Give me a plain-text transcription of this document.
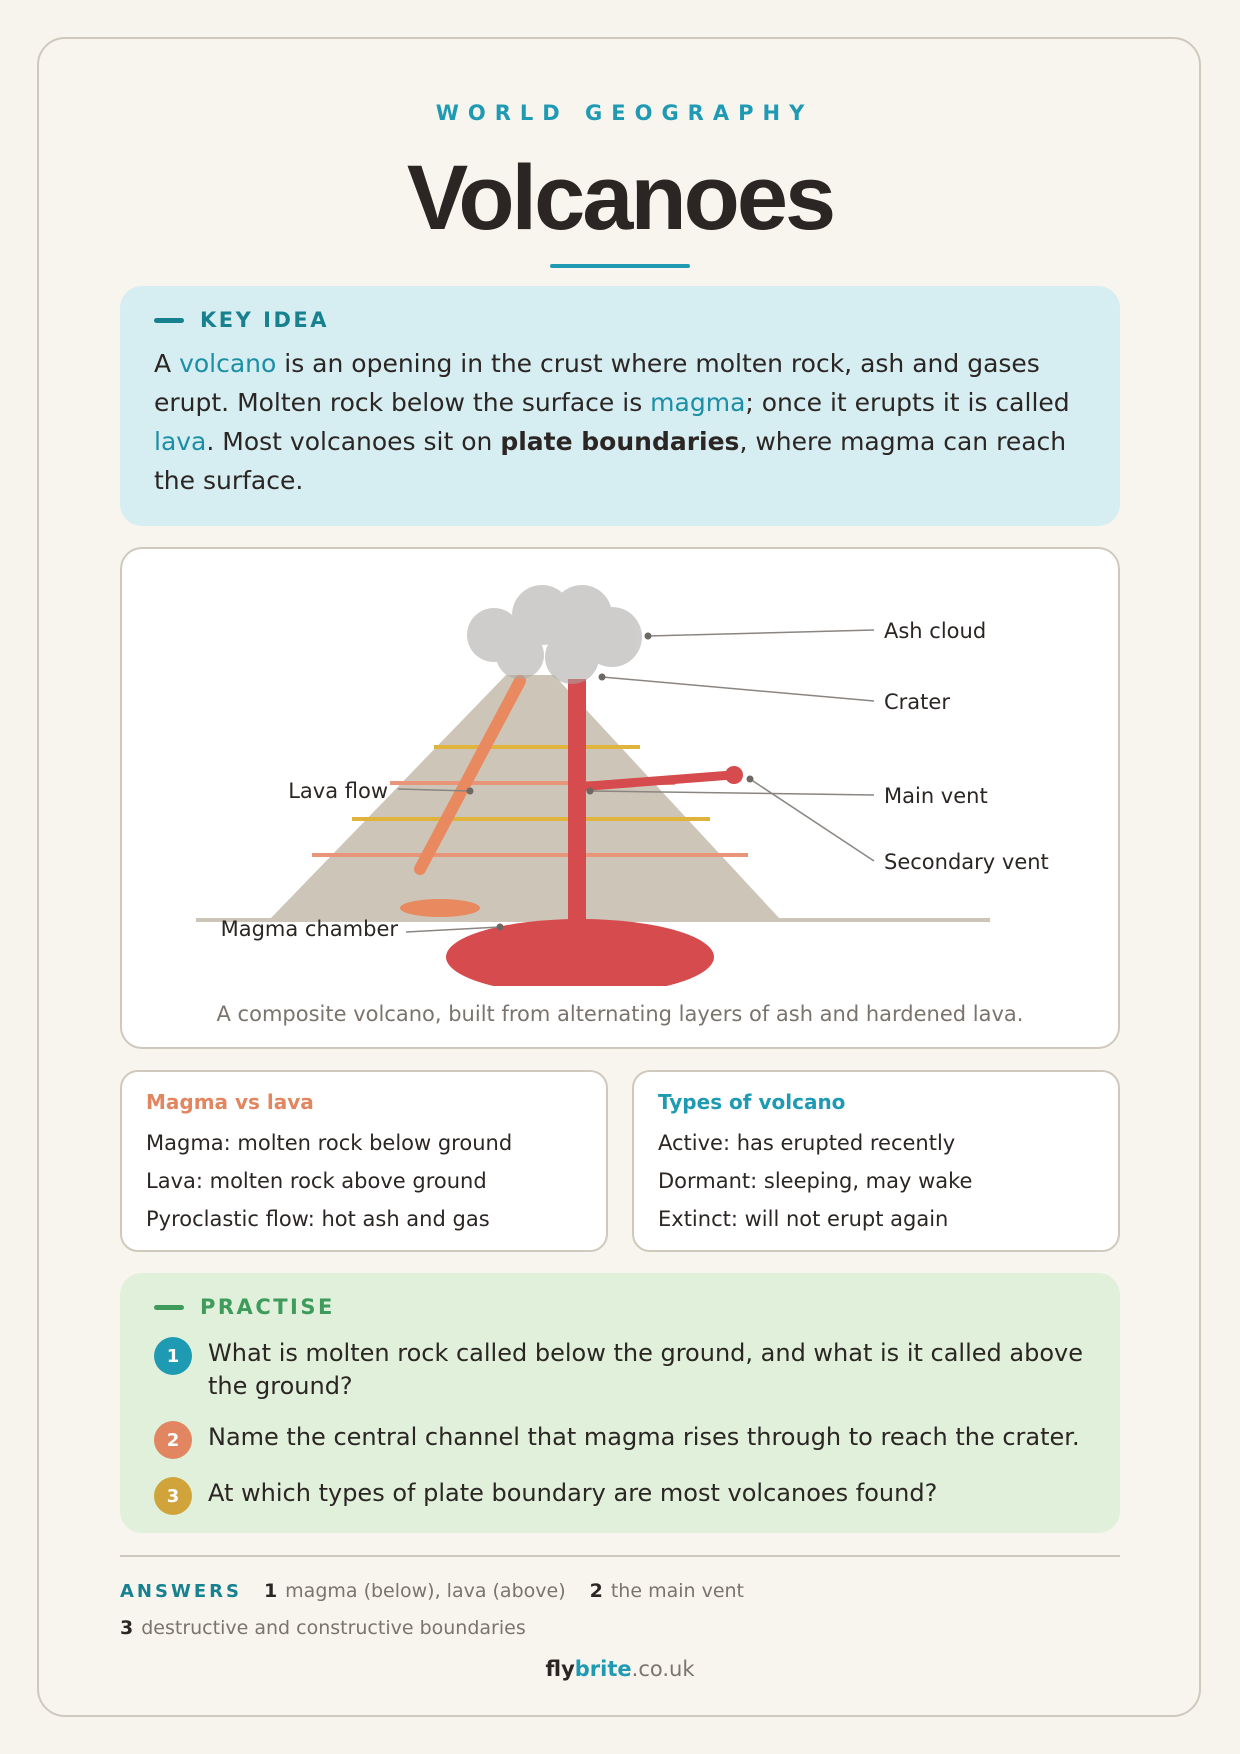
WORLD GEOGRAPHY
Volcanoes
KEY IDEA
A volcano is an opening in the crust where molten rock, ash and gases erupt. Molten rock below the surface is magma; once it erupts it is called lava. Most volcanoes sit on plate boundaries, where magma can reach the surface.
Ash cloud
Crater
Main vent
Secondary vent
Lava flow
Magma chamber
A composite volcano, built from alternating layers of ash and hardened lava.
Magma vs lava
Magma: molten rock below ground
Lava: molten rock above ground
Pyroclastic flow: hot ash and gas
Types of volcano
Active: has erupted recently
Dormant: sleeping, may wake
Extinct: will not erupt again
PRACTISE
1	What is molten rock called below the ground, and what is it called above the ground?
2	Name the central channel that magma rises through to reach the crater.
3	At which types of plate boundary are most volcanoes found?
ANSWERS 1 magma (below), lava (above) 2 the main vent
3 destructive and constructive boundaries
flybrite.co.uk
